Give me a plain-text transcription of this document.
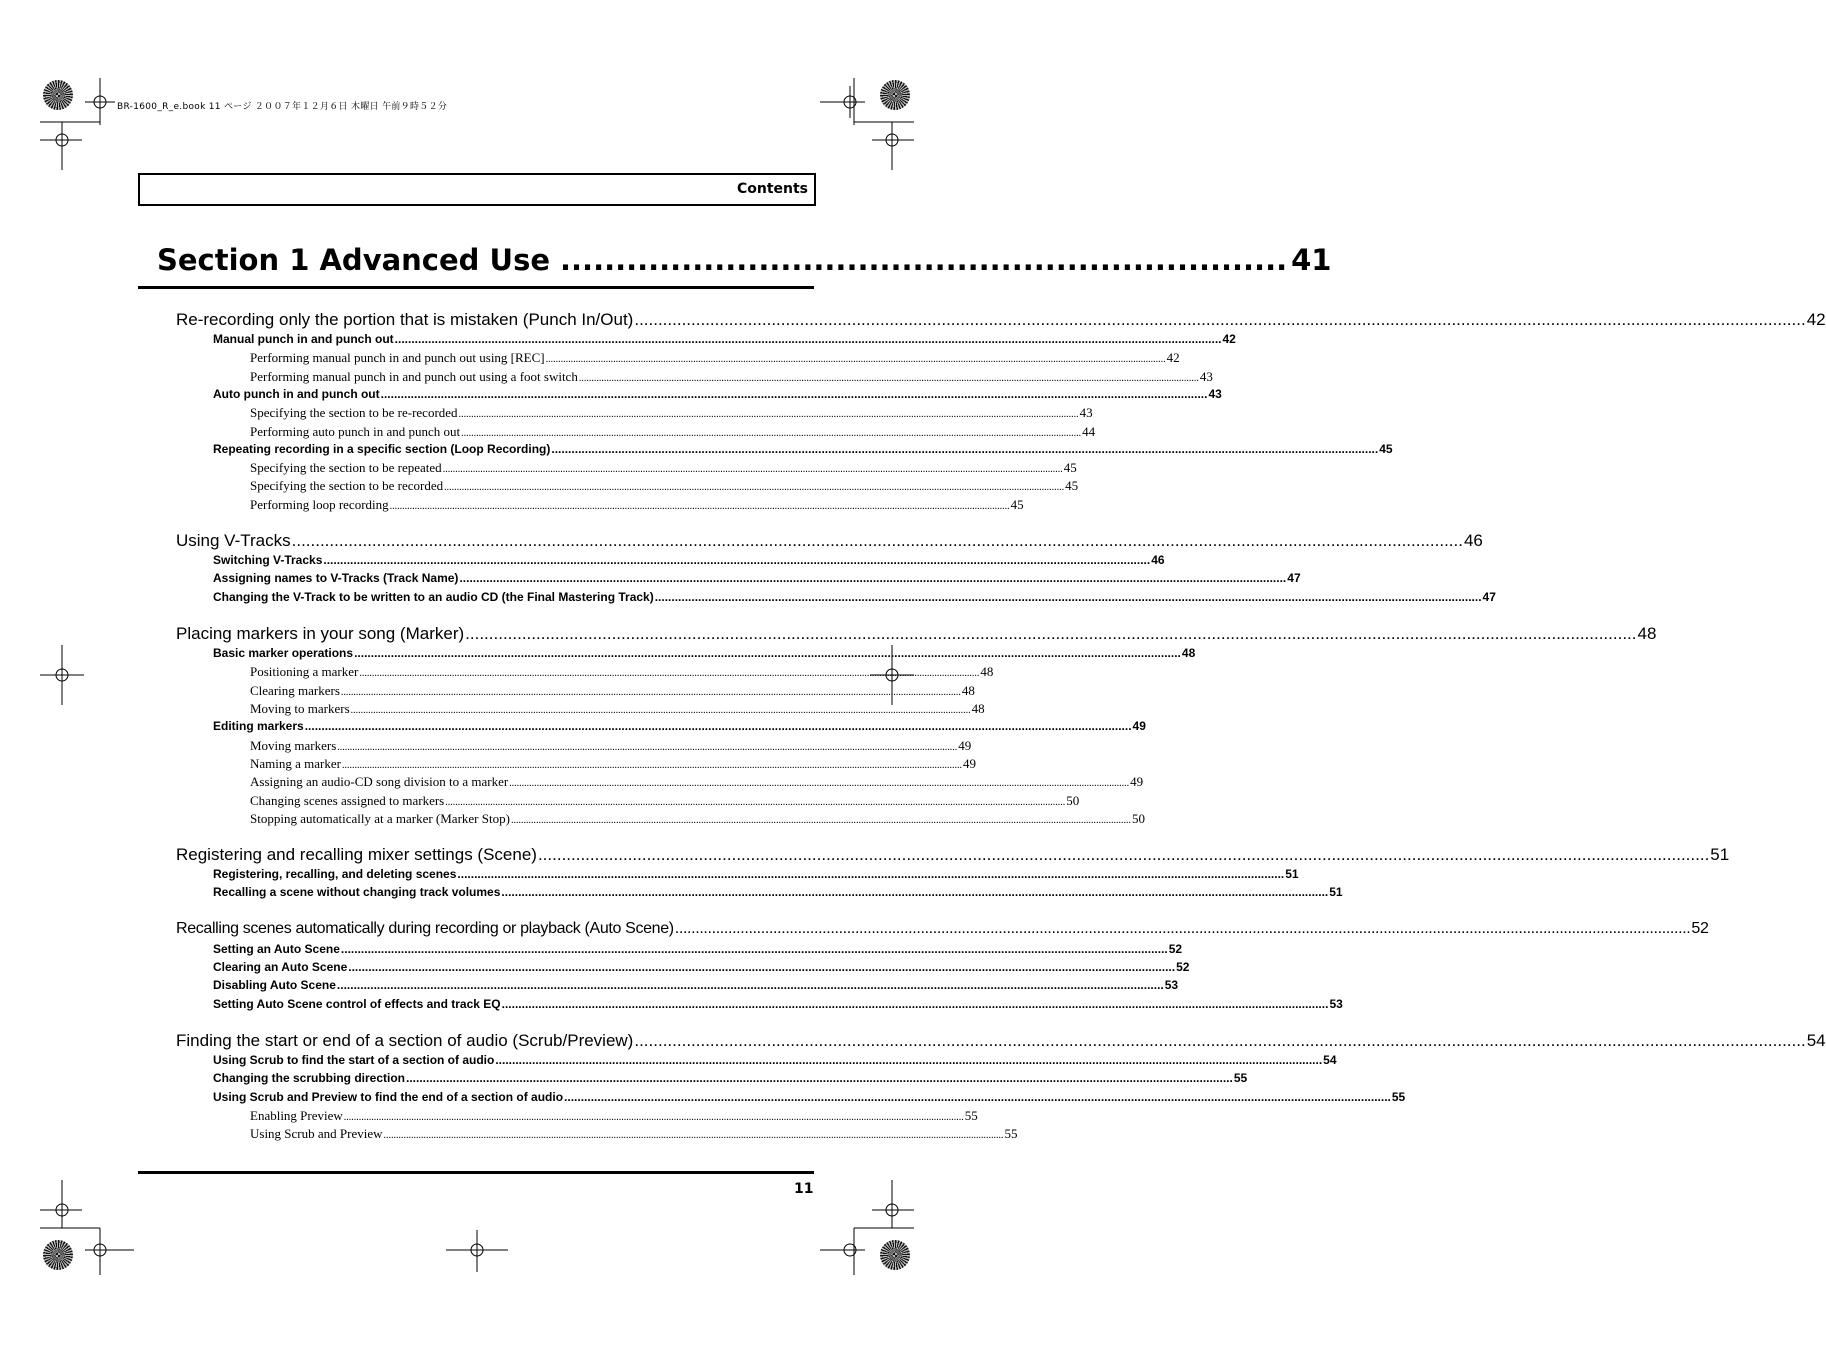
BR-1600_R_e.book 11 ページ ２００７年１２月６日 木曜日 午前９時５２分
Contents
Section 1 Advanced Use .................................................................. 41
Re-recording only the portion that is mistaken (Punch In/Out) .....	42
Manual punch in and punch out .....	42
Performing manual punch in and punch out using [REC] .....	42
Performing manual punch in and punch out using a foot switch .....	43
Auto punch in and punch out .....	43
Specifying the section to be re-recorded .....	43
Performing auto punch in and punch out .....	44
Repeating recording in a specific section (Loop Recording) .....	45
Specifying the section to be repeated .....	45
Specifying the section to be recorded .....	45
Performing loop recording .....	45
Using V-Tracks .....	46
Switching V-Tracks .....	46
Assigning names to V-Tracks (Track Name) .....	47
Changing the V-Track to be written to an audio CD (the Final Mastering Track) .....	47
Placing markers in your song (Marker) .....	48
Basic marker operations .....	48
Positioning a marker .....	48
Clearing markers .....	48
Moving to markers .....	48
Editing markers .....	49
Moving markers .....	49
Naming a marker .....	49
Assigning an audio-CD song division to a marker .....	49
Changing scenes assigned to markers .....	50
Stopping automatically at a marker (Marker Stop) .....	50
Registering and recalling mixer settings (Scene) .....	51
Registering, recalling, and deleting scenes .....	51
Recalling a scene without changing track volumes .....	51
Recalling scenes automatically during recording or playback (Auto Scene) .....	52
Setting an Auto Scene .....	52
Clearing an Auto Scene .....	52
Disabling Auto Scene .....	53
Setting Auto Scene control of effects and track EQ .....	53
Finding the start or end of a section of audio (Scrub/Preview) .....	54
Using Scrub to find the start of a section of audio .....	54
Changing the scrubbing direction .....	55
Using Scrub and Preview to find the end of a section of audio .....	55
Enabling Preview .....	55
Using Scrub and Preview .....	55
11
